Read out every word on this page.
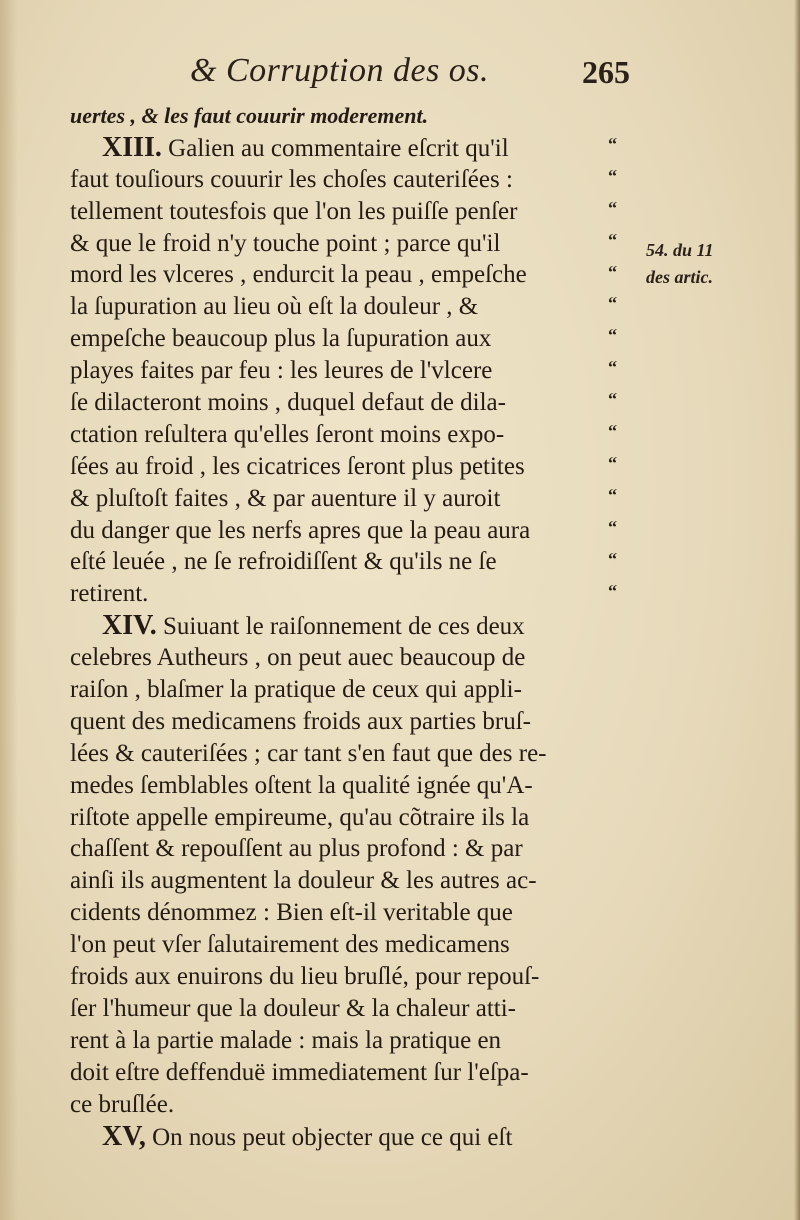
& Corruption des os.	265
uertes , & les faut couurir moderement.
XIII. Galien au commentaire eſcrit qu'il
faut touſiours couurir les choſes cauteriſées :
tellement toutesfois que l'on les puiſſe penſer
& que le froid n'y touche point ; parce qu'il
mord les vlceres , endurcit la peau , empeſche
la ſupuration au lieu où eſt la douleur , &
empeſche beaucoup plus la ſupuration aux
playes faites par feu : les leures de l'vlcere
ſe dilacteront moins , duquel defaut de dila-
ctation reſultera qu'elles ſeront moins expo-
ſées au froid , les cicatrices ſeront plus petites
& pluſtoſt faites , & par auenture il y auroit
du danger que les nerfs apres que la peau aura
eſté leuée , ne ſe refroidiſſent & qu'ils ne ſe
retirent.
XIV. Suiuant le raiſonnement de ces deux
celebres Autheurs , on peut auec beaucoup de
raiſon , blaſmer la pratique de ceux qui appli-
quent des medicamens froids aux parties bruſ-
lées & cauteriſées ; car tant s'en faut que des re-
medes ſemblables oſtent la qualité ignée qu'A-
riſtote appelle empireume, qu'au cõtraire ils la
chaſſent & repouſſent au plus profond : & par
ainſi ils augmentent la douleur & les autres ac-
cidents dénommez : Bien eſt-il veritable que
l'on peut vſer ſalutairement des medicamens
froids aux enuirons du lieu bruſlé, pour repouſ-
ſer l'humeur que la douleur & la chaleur atti-
rent à la partie malade : mais la pratique en
doit eſtre deffenduë immediatement ſur l'eſpa-
ce bruſlée.
XV, On nous peut objecter que ce qui eſt
“
“
“
“
“
“
“
“
“
“
“
“
“
“
“
54. du 11
des artic.
